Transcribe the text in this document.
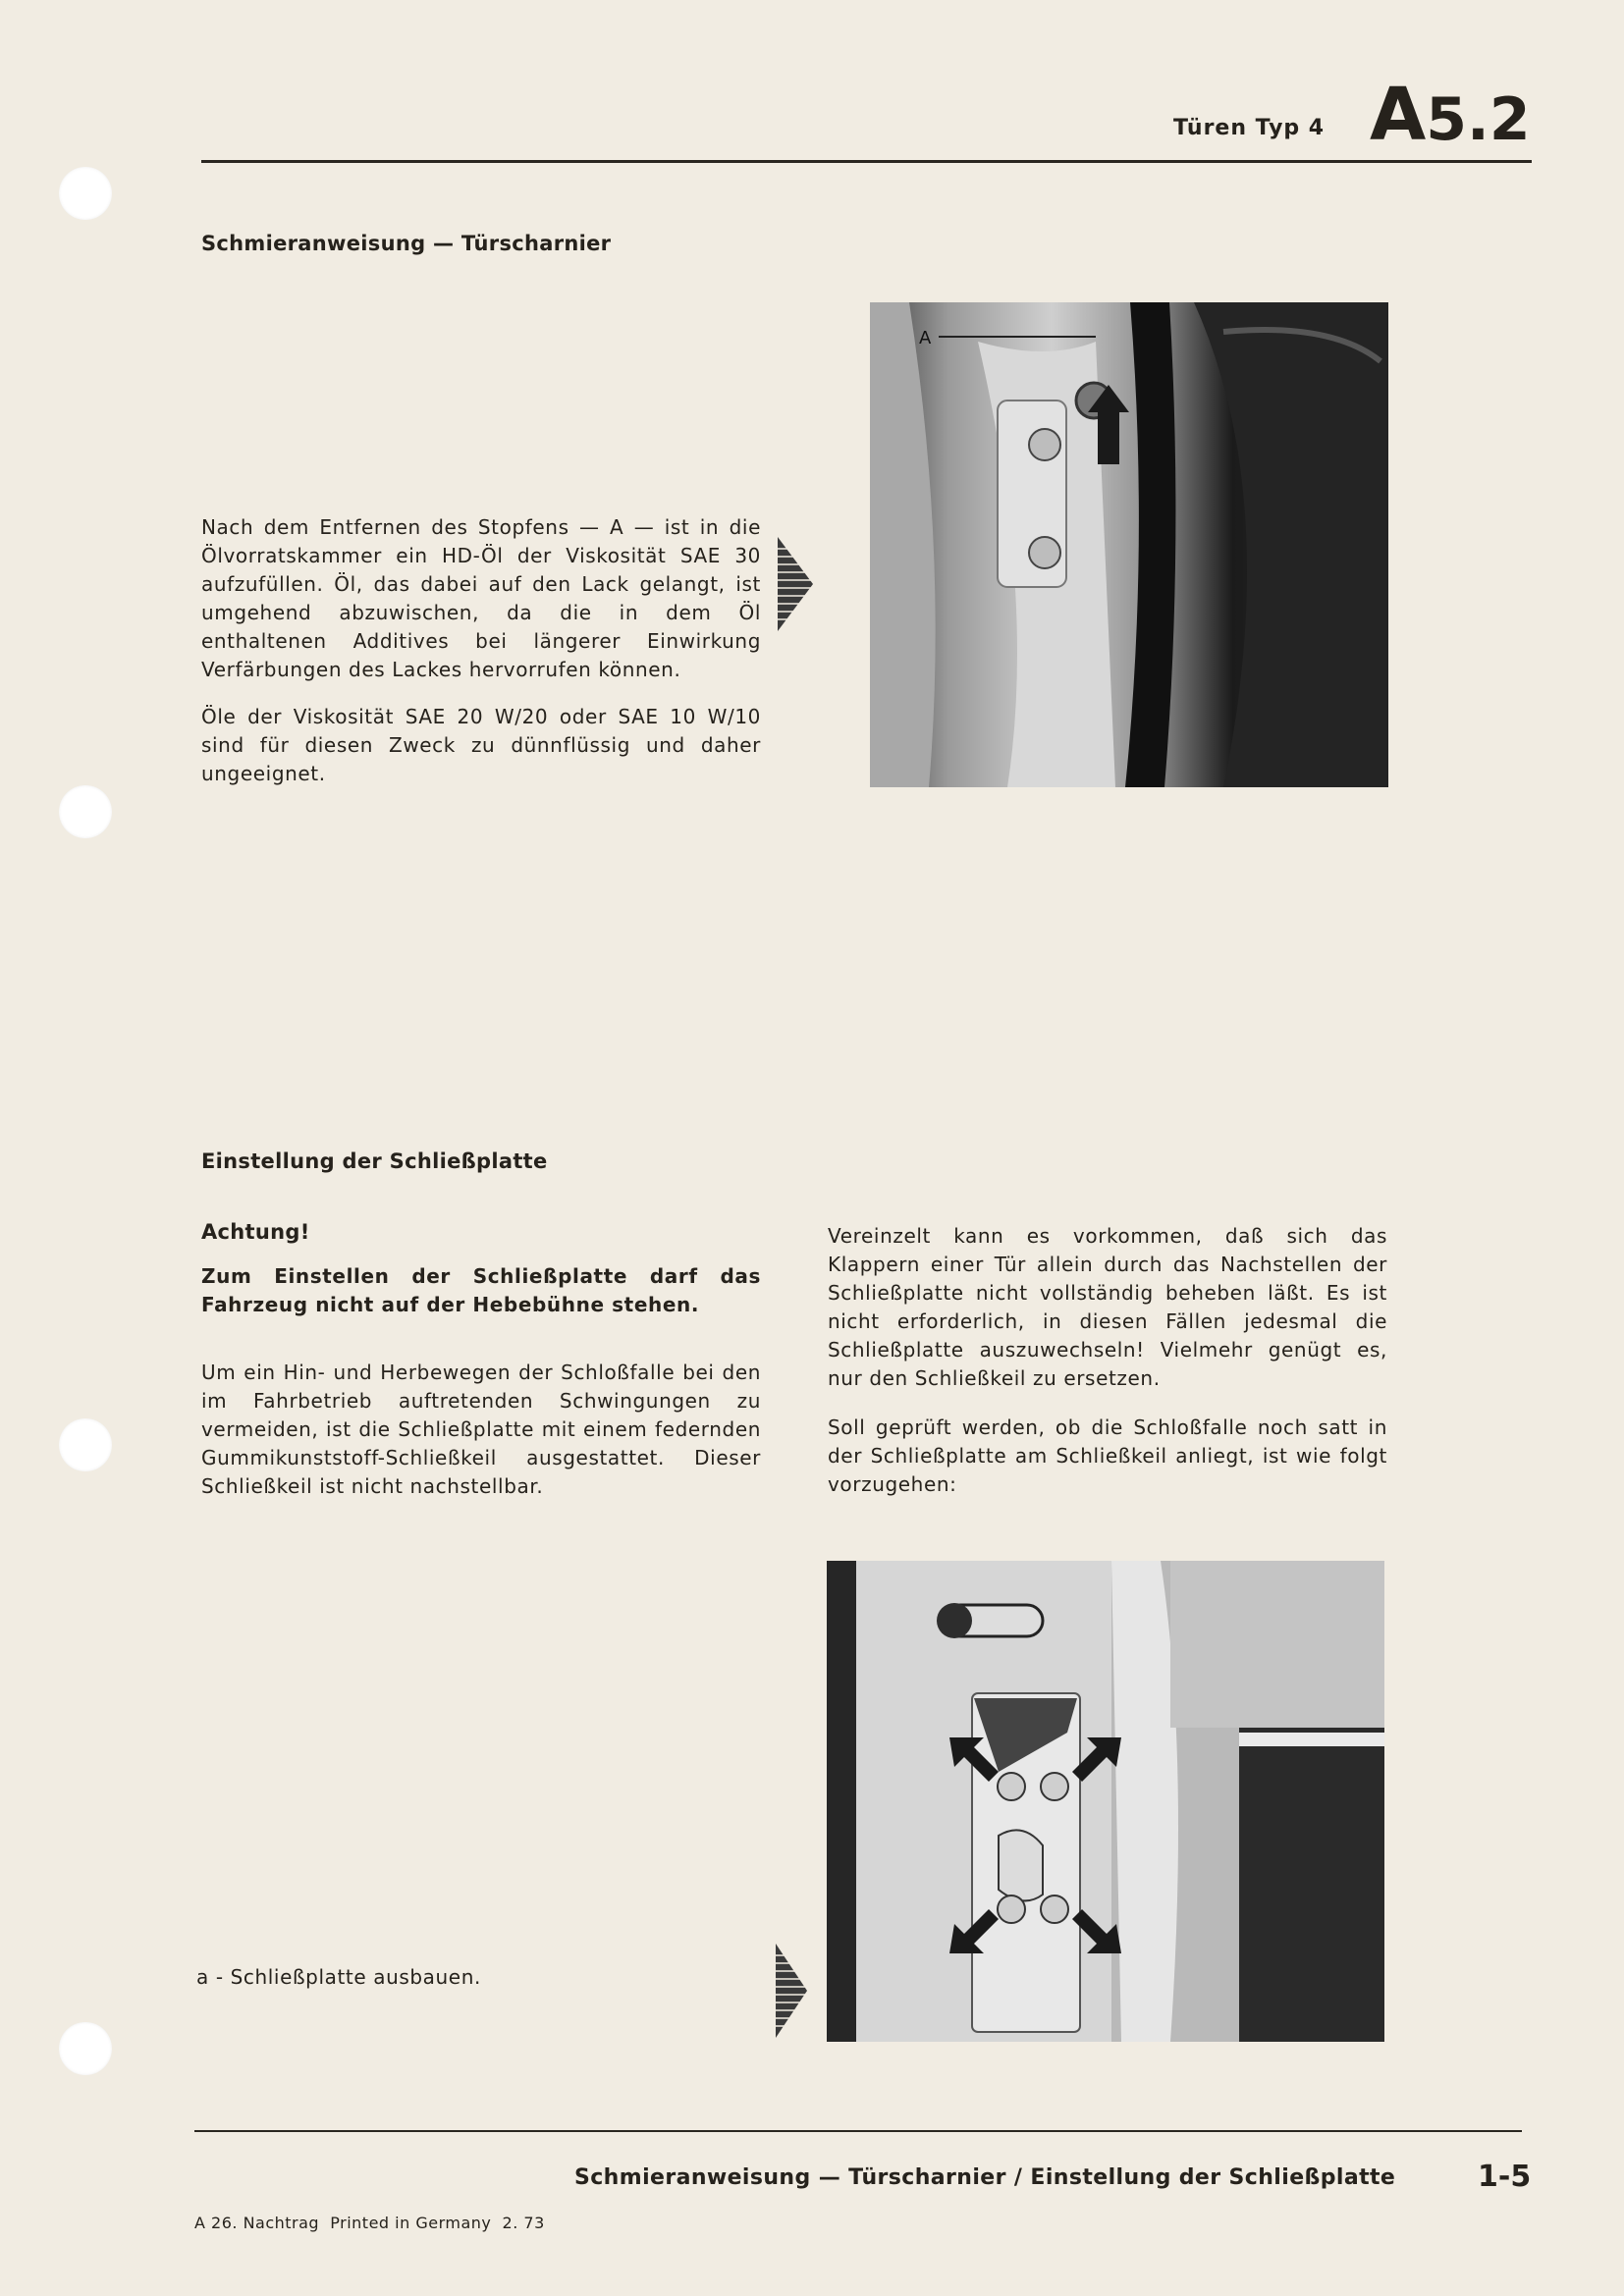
Türen Typ 4 A5.2
Schmieranweisung — Türscharnier
Nach dem Entfernen des Stopfens — A — ist in die Ölvorratskammer ein HD-Öl der Viskosität SAE 30 aufzufüllen. Öl, das dabei auf den Lack gelangt, ist umgehend abzuwischen, da die in dem Öl enthaltenen Additives bei längerer Einwirkung Verfärbungen des Lackes hervorrufen können.
Öle der Viskosität SAE 20 W/20 oder SAE 10 W/10 sind für diesen Zweck zu dünnflüssig und daher ungeeignet.
A
Einstellung der Schließplatte
Achtung!
Zum Einstellen der Schließplatte darf das Fahrzeug nicht auf der Hebebühne stehen.
Um ein Hin- und Herbewegen der Schloßfalle bei den im Fahrbetrieb auftretenden Schwingungen zu vermeiden, ist die Schließplatte mit einem federnden Gummikunststoff-Schließkeil ausgestattet. Dieser Schließkeil ist nicht nachstellbar.
Vereinzelt kann es vorkommen, daß sich das Klappern einer Tür allein durch das Nachstellen der Schließplatte nicht vollständig beheben läßt. Es ist nicht erforderlich, in diesen Fällen jedesmal die Schließplatte auszuwechseln! Vielmehr genügt es, nur den Schließkeil zu ersetzen.
Soll geprüft werden, ob die Schloßfalle noch satt in der Schließplatte am Schließkeil anliegt, ist wie folgt vorzugehen:
a - Schließplatte ausbauen.
Schmieranweisung — Türscharnier / Einstellung der Schließplatte	1-5
A 26. Nachtrag  Printed in Germany  2. 73
